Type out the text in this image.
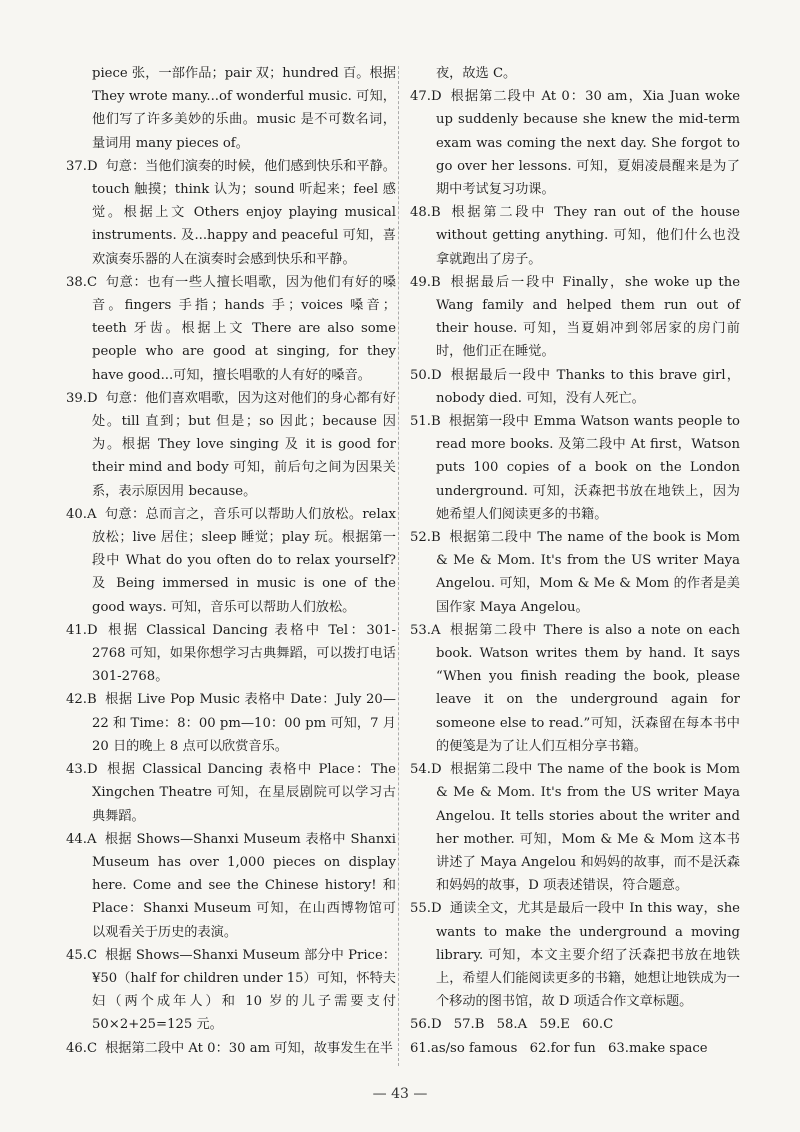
piece 张，一部作品；pair 双；hundred 百。根据 They wrote many...of wonderful music. 可知，他们写了许多美妙的乐曲。music 是不可数名词，量词用 many pieces of。

37.D 句意：当他们演奏的时候，他们感到快乐和平静。touch 触摸；think 认为；sound 听起来；feel 感觉。根据上文 Others enjoy playing musical instruments. 及...happy and peaceful 可知，喜欢演奏乐器的人在演奏时会感到快乐和平静。

38.C 句意：也有一些人擅长唱歌，因为他们有好的嗓音。fingers 手指；hands 手；voices 嗓音；teeth 牙齿。根据上文 There are also some people who are good at singing, for they have good...可知，擅长唱歌的人有好的嗓音。

39.D 句意：他们喜欢唱歌，因为这对他们的身心都有好处。till 直到；but 但是；so 因此；because 因为。根据 They love singing 及 it is good for their mind and body 可知，前后句之间为因果关系，表示原因用 because。

40.A 句意：总而言之，音乐可以帮助人们放松。relax 放松；live 居住；sleep 睡觉；play 玩。根据第一段中 What do you often do to relax yourself? 及 Being immersed in music is one of the good ways. 可知，音乐可以帮助人们放松。

41.D 根据 Classical Dancing 表格中 Tel：301-2768 可知，如果你想学习古典舞蹈，可以拨打电话 301-2768。

42.B 根据 Live Pop Music 表格中 Date：July 20—22 和 Time：8：00 pm—10：00 pm 可知，7 月 20 日的晚上 8 点可以欣赏音乐。

43.D 根据 Classical Dancing 表格中 Place：The Xingchen Theatre 可知，在星辰剧院可以学习古典舞蹈。

44.A 根据 Shows—Shanxi Museum 表格中 Shanxi Museum has over 1,000 pieces on display here. Come and see the Chinese history! 和 Place：Shanxi Museum 可知，在山西博物馆可以观看关于历史的表演。

45.C 根据 Shows—Shanxi Museum 部分中 Price：¥50（half for children under 15）可知，怀特夫妇（两个成年人）和 10 岁的儿子需要支付 50×2+25=125 元。

46.C 根据第二段中 At 0：30 am 可知，故事发生在半

夜，故选 C。

47.D 根据第二段中 At 0：30 am，Xia Juan woke up suddenly because she knew the mid-term exam was coming the next day. She forgot to go over her lessons. 可知，夏娟凌晨醒来是为了期中考试复习功课。

48.B 根据第二段中 They ran out of the house without getting anything. 可知，他们什么也没拿就跑出了房子。

49.B 根据最后一段中 Finally，she woke up the Wang family and helped them run out of their house. 可知，当夏娟冲到邻居家的房门前时，他们正在睡觉。

50.D 根据最后一段中 Thanks to this brave girl，nobody died. 可知，没有人死亡。

51.B 根据第一段中 Emma Watson wants people to read more books. 及第二段中 At first，Watson puts 100 copies of a book on the London underground. 可知，沃森把书放在地铁上，因为她希望人们阅读更多的书籍。

52.B 根据第二段中 The name of the book is Mom & Me & Mom. It's from the US writer Maya Angelou. 可知，Mom & Me & Mom 的作者是美国作家 Maya Angelou。

53.A 根据第二段中 There is also a note on each book. Watson writes them by hand. It says “When you finish reading the book, please leave it on the underground again for someone else to read.”可知，沃森留在每本书中的便笺是为了让人们互相分享书籍。

54.D 根据第二段中 The name of the book is Mom & Me & Mom. It's from the US writer Maya Angelou. It tells stories about the writer and her mother. 可知，Mom & Me & Mom 这本书讲述了 Maya Angelou 和妈妈的故事，而不是沃森和妈妈的故事，D 项表述错误，符合题意。

55.D 通读全文，尤其是最后一段中 In this way，she wants to make the underground a moving library. 可知，本文主要介绍了沃森把书放在地铁上，希望人们能阅读更多的书籍，她想让地铁成为一个移动的图书馆，故 D 项适合作文章标题。

56.D 57.B 58.A 59.E 60.C

61.as/so famous 62.for fun 63.make space

— 43 —
